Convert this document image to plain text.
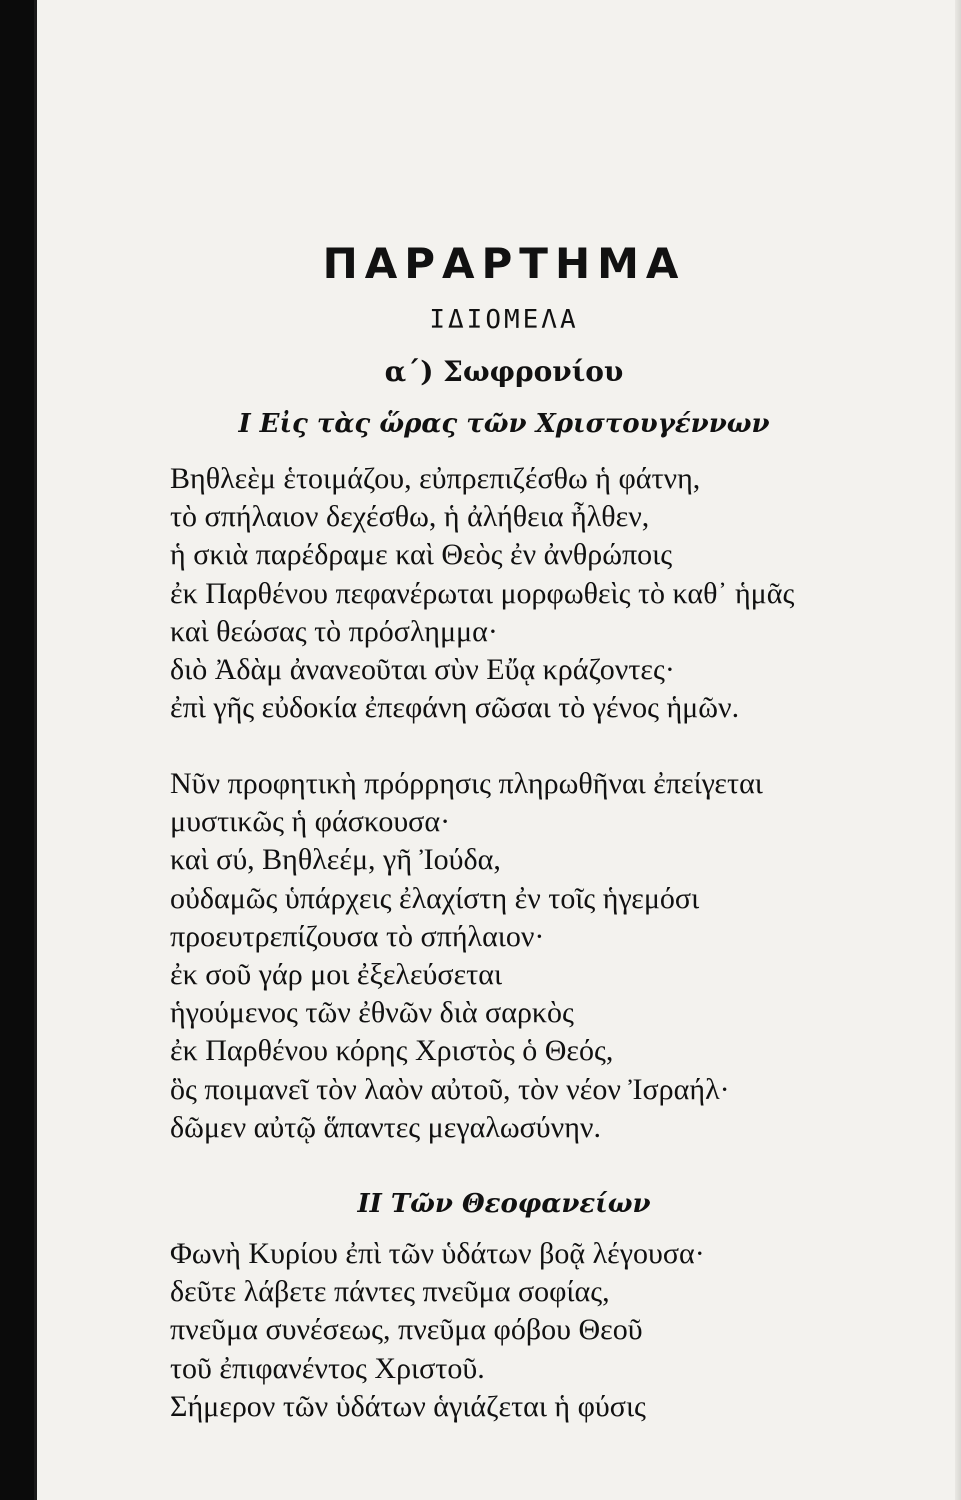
ΠΑΡΑΡΤΗΜΑ
ΙΔΙΟΜΕΛΑ
α΄) Σωφρονίου
Ι Εἰς τὰς ὥρας τῶν Χριστουγέννων
Βηθλεὲμ ἑτοιμάζου, εὐπρεπιζέσθω ἡ φάτνη,
τὸ σπήλαιον δεχέσθω, ἡ ἀλήθεια ἦλθεν,
ἡ σκιὰ παρέδραμε καὶ Θεὸς ἐν ἀνθρώποις
ἐκ Παρθένου πεφανέρωται μορφωθεὶς τὸ καθ᾽ ἡμᾶς
καὶ θεώσας τὸ πρόσλημμα·
διὸ Ἀδὰμ ἀνανεοῦται σὺν Εὔᾳ κράζοντες·
ἐπὶ γῆς εὐδοκία ἐπεφάνη σῶσαι τὸ γένος ἡμῶν.
Νῦν προφητικὴ πρόρρησις πληρωθῆναι ἐπείγεται
μυστικῶς ἡ φάσκουσα·
καὶ σύ, Βηθλεέμ, γῆ Ἰούδα,
οὐδαμῶς ὑπάρχεις ἐλαχίστη ἐν τοῖς ἡγεμόσι
προευτρεπίζουσα τὸ σπήλαιον·
ἐκ σοῦ γάρ μοι ἐξελεύσεται
ἡγούμενος τῶν ἐθνῶν διὰ σαρκὸς
ἐκ Παρθένου κόρης Χριστὸς ὁ Θεός,
ὃς ποιμανεῖ τὸν λαὸν αὐτοῦ, τὸν νέον Ἰσραήλ·
δῶμεν αὐτῷ ἅπαντες μεγαλωσύνην.
ΙΙ Τῶν Θεοφανείων
Φωνὴ Κυρίου ἐπὶ τῶν ὑδάτων βοᾷ λέγουσα·
δεῦτε λάβετε πάντες πνεῦμα σοφίας,
πνεῦμα συνέσεως, πνεῦμα φόβου Θεοῦ
τοῦ ἐπιφανέντος Χριστοῦ.
Σήμερον τῶν ὑδάτων ἁγιάζεται ἡ φύσις
